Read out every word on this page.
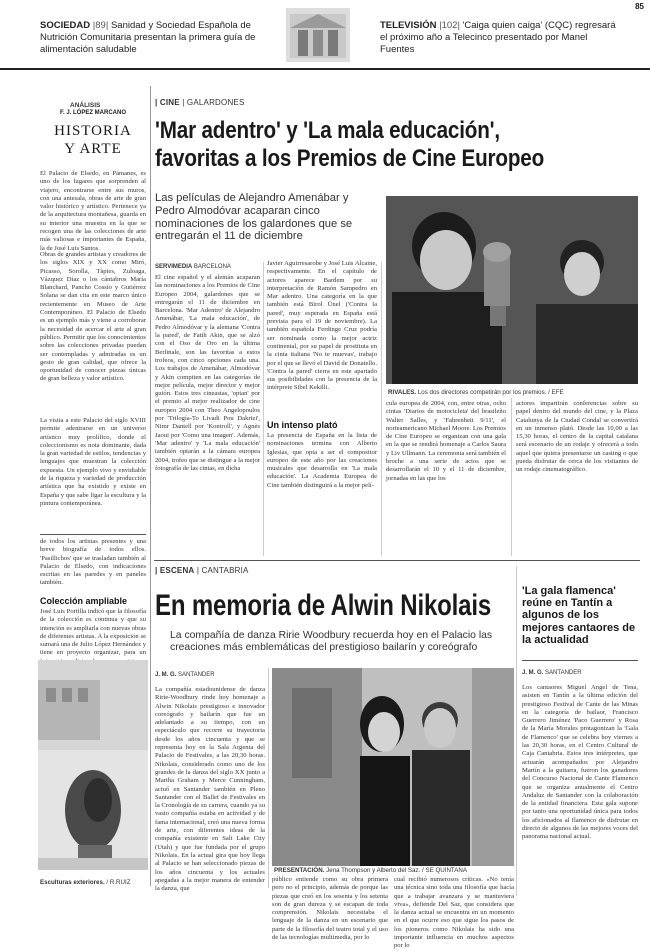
85
SOCIEDAD |89| Sanidad y Sociedad Española de Nutrición Comunitaria presentan la primera guía de alimentación saludable
TELEVISIÓN |102| 'Caiga quien caiga' (CQC) regresará el próximo año a Telecinco presentado por Manel Fuentes
ANÁLISIS
F. J. LÓPEZ MARCANO
HISTORIA
Y ARTE
El Palacio de Elsedo, en Pámanes, es uno de los lugares que sorprenden al viajero, encontrarse entre sus muros, con una antesala, obras de arte de gran valor histórico y artístico. Pertenece ya de la arquitectura montañesa, guarda en su interior una muestra en la que se recogen una de las colecciones de arte más valiosas e importantes de España, la de José Luis Santos.
Obras de grandes artistas y creadores de los siglos XIX y XX como Miró, Picasso, Sorolla, Tàpies, Zuloaga, Vázquez Díaz o los cántabros María Blanchard, Pancho Cossío y Gutiérrez Solana se dan cita en este marco único recientemente en Museo de Arte Contemporáneo. El Palacio de Elsedo es un ejemplo más y viene a corroborar la necesidad de acercar el arte al gran público. Permitir que los conocimientos sobre las colecciones privadas puedan ser contempladas y admiradas es un gesto de gran calidad, que ofrece la oportunidad de conocer piezas únicas de gran belleza y valor artístico.
La visita a este Palacio del siglo XVIII permite adentrarse en un universo artístico muy prolífico, donde el coleccionismo es nota dominante, dada la gran variedad de estilos, tendencias y lenguajes que muestran la colección expuesta. Un ejemplo vivo y envidiable de la riqueza y variedad de producción artística que ha existido y existe en España y que sabe ligar la escultura y la pintura contemporánea.
de todos los artistas presentes y una breve biografía de todos ellos. 'Pasillichos' que se trasladan también al Palacio de Elsedo, con indicaciones escritas en las paredes y en paneles también.
Colección ampliable
José Luis Portilla indicó que la filosofía de la colección es continua y que su intención es ampliarla con nuevas obras de diferentes artistas. A la exposición se sumará una de Julio López Hernández y tiene en proyecto organizar, para un
Esculturas exteriores. / R.RUIZ
| CINE | GALARDONES
'Mar adentro' y 'La mala educación',
favoritas a los Premios de Cine Europeo
Las películas de Alejandro Amenábar y Pedro Almodóvar acaparan cinco nominaciones de los galardones que se entregarán el 11 de diciembre
SERVIMEDIA BARCELONA
El cine español y el alemán acaparan las nominaciones a los Premios de Cine Europeo 2004, galardones que se entregarán el 11 de diciembre en Barcelona. 'Mar Adentro' de Alejandro Amenábar, 'La mala educación', de Pedro Almodóvar y la alemana 'Contra la pared', de Fatih Akin, que se alzó con el Oso de Oro en la última Berlinale, son las favoritas a estos trofeos, con cinco opciones cada una. Los trabajos de Amenábar, Almodóvar y Akin compiten en las categorías de mejor película, mejor director y mejor guión. Estos tres cineastas, 'optan' por el premio al mejor realizador de cine europeo 2004 con Theo Angelopoulos por 'Trilogía-To Livadi Pou Dakrizi', Nimr Dantell por 'Kontroll', y Agnès Jaoui por 'Como una imagen'. Además, 'Mar adentro' y 'La mala educación' también optarán a la cámara europea 2004, trofeo que se distingue a la mejor fotografía de las cintas, en dicha
Javier Aguirresarobe y José Luis Alcaine, respectivamente. En el capítulo de actores aparece Bardem por su interpretación de Ramón Sampedro en Mar adentro. Una categoría en la que también está Birol Ünel ('Contra la pared', muy esperada en España está prevista para el 19 de noviembre). La también española Ferdinge Cruz podría ser nominada como la mejor actriz continental, por su papel de prostituta en la cinta italiana 'No te muevas', trabajo por el que se llevó el David de Donatello. 'Contra la pared' cierra en este apartado sus posibilidades con la presencia de la intérprete Sibel Kekilli.
Un intenso plató
La presencia de España en la lista de nominaciones termina con Alberto Iglesias, que opta a ser el compositor europeo de este año por las creaciones musicales que desarrolla en 'La mala educación'. La Academia Europea de Cine también distinguirá a la mejor pelí-
RIVALES. Los dos directores competirán por los premios. / EFE
cula europea de 2004, con, entre otras, ocho cintas 'Diarios de motocicleta' del brasileño Walter Salles, y 'Fahrenheit 9/11', el norteamericano Michael Moore. Los Premios de Cine Europeo se organizan con una gala en la que se rendirá homenaje a Carlos Saura y Liv Ullmann. La ceremonia será también el broche a una serie de actos que se desarrollarán el 10 y el 11 de diciembre, jornadas en las que los
actores impartirán conferencias sobre su papel dentro del mundo del cine, y la Plaza Catalunya de la Ciudad Condal se convertirá en un inmenso plató. Desde las 10,00 a las 15,30 horas, el centro de la capital catalana será escenario de un rodaje y ofrecerá a todo aquel que quiera presentarse un casting o que pueda disfrutar de cerca de los visitantes de un rodaje cinematográfico.
| ESCENA | CANTABRIA
En memoria de Alwin Nikolais
La compañía de danza Ririe Woodbury recuerda hoy en el Palacio las creaciones más emblemáticas del prestigioso bailarín y coreógrafo
J. M. G. SANTANDER
La compañía estadounidense de danza Ririe-Woodbury rinde hoy homenaje a Alwin Nikolais prestigioso e innovador coreógrafo y bailarín que fue un adelantado a su tiempo, con un espectáculo que recorre su trayectoria desde los años cincuenta y que se representa hoy en la Sala Argenta del Palacio de Festivales, a las 20,30 horas. Nikolais, considerado como uno de los grandes de la danza del siglo XX junto a Martha Graham y Merce Cunningham, actuó en Santander también en Pleno Santander con el Ballet de Festivales en la Cronología de su carrera, cuando ya su vasto compañía estaba en actividad y de fama internacional, creó una nueva forma de arte, con diferentes ideas de la compañía existente en Salt Lake City (Utah) y que fue fundada por el grupo Nikolais. En la actual gira que hoy llega al Palacio se han seleccionado piezas de los años cincuenta y los actuales apegadas a la mejor manera de entender la danza, que
PRESENTACIÓN. Jena Thompson y Alberto del Saz. / SE QUINTANA
público entiende como su obra primera pero no el principio, además de porque las piezas que creó en los sesenta y los setenta son de gran dureza y se escapan de toda comprensión. Nikolais necesitaba el lenguaje de la danza en un escenario que parte de la filosofía del teatro total y el uso de las tecnologías multimedia, por lo
cual recibió numerosos críticas. «No tenía una técnica sino toda una filosofía que hacía que a trabajar avanzara y se mantuviera viva», defiende Del Saz, que considera que la danza actual se encuentra en un momento en el que ocurre eso que sigue los pasos de los pioneros como Nikolais ha sido una importante influencia en muchos aspectos por lo
'La gala flamenca' reúne en Tantín a algunos de los mejores cantaores de la actualidad
J. M. G. SANTANDER
Los cantaores Miguel Angel de Tena, asisten en Tantín a la última edición del prestigioso Festival de Cante de las Minas en la categoría de bailaor, Francisco Guerrero Jiménez 'Paco Guerrero' y Rosa de la María Morales protagonizan la 'Gala de Flamenco' que se celebra hoy viernes a las 20,30 horas, en el Centro Cultural de Caja Cantabria. Estos tres intérpretes, que actuarán acompañados por Alejandro Martín a la guitarra, fueron los ganadores del Concurso Nacional de Cante Flamenco que se organiza anualmente el Centro Andaluz de Santander con la colaboración de la entidad financiera. Esta gala supone por tanto una oportunidad única para todos los aficionados al flamenco de disfrutar en directo de algunos de las mejores voces del panorama nacional actual.
